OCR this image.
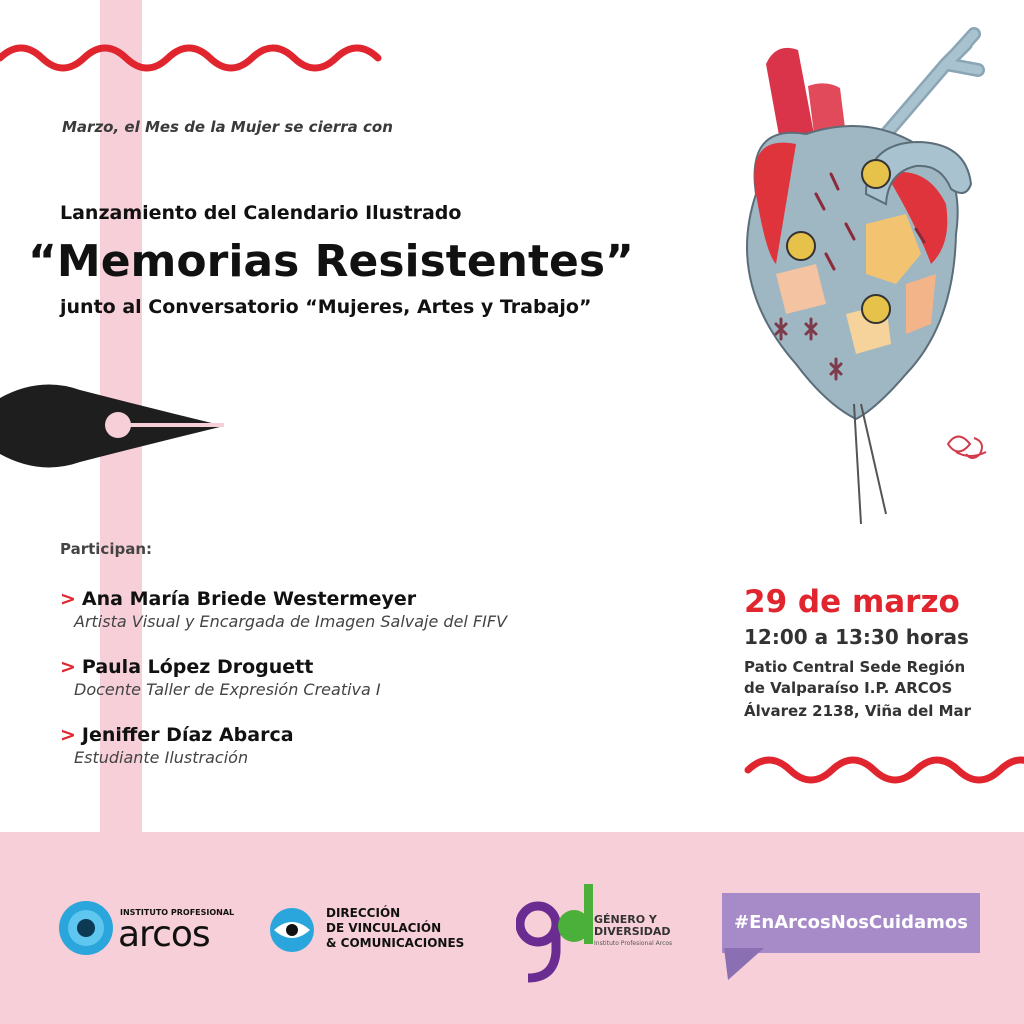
Marzo, el Mes de la Mujer se cierra con
Lanzamiento del Calendario Ilustrado
“Memorias Resistentes”
junto al Conversatorio “Mujeres, Artes y Trabajo”
Participan:
> Ana María Briede Westermeyer
Artista Visual y Encargada de Imagen Salvaje del FIFV
> Paula López Droguett
Docente Taller de Expresión Creativa I
> Jeniffer Díaz Abarca
Estudiante Ilustración
29 de marzo
12:00 a 13:30 horas
Patio Central Sede Región
de Valparaíso I.P. ARCOS
Álvarez 2138, Viña del Mar
INSTITUTO PROFESIONAL
arcos
DIRECCIÓN
DE VINCULACIÓN
& COMUNICACIONES
GÉNERO Y
DIVERSIDAD
Instituto Profesional Arcos
#EnArcosNosCuidamos
